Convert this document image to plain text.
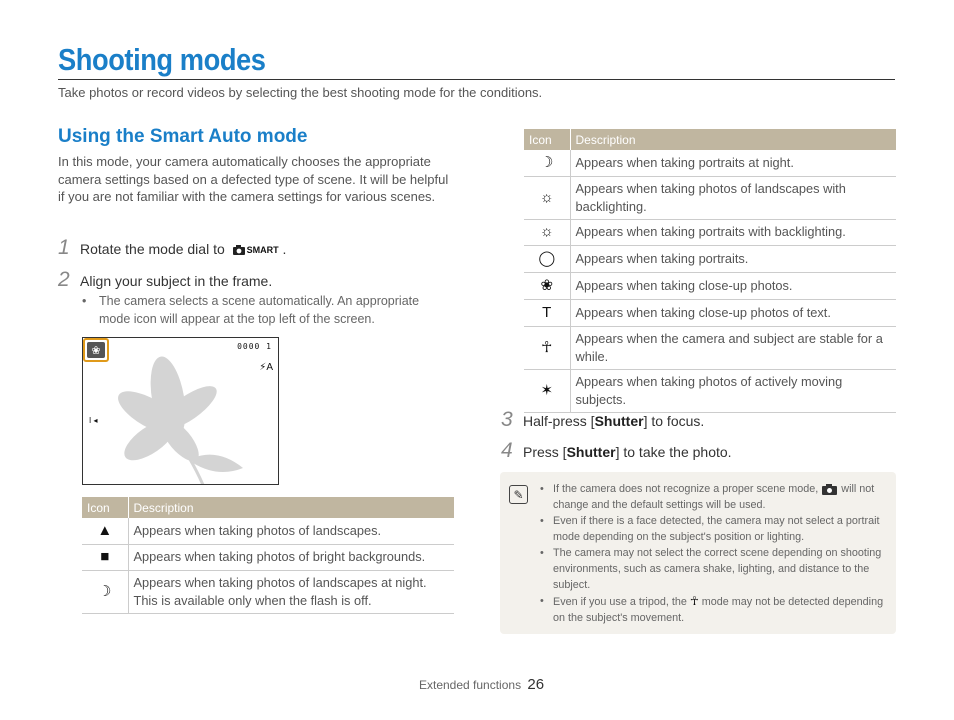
Shooting modes

Take photos or record videos by selecting the best shooting mode for the conditions.

Using the Smart Auto mode

In this mode, your camera automatically chooses the appropriate camera settings based on a defected type of scene. It will be helpful if you are not familiar with the camera settings for various scenes.

1 Rotate the mode dial to SMART .
2 Align your subject in the frame.
•	The camera selects a scene automatically. An appropriate mode icon will appear at the top left of the screen.
❀	0000 1
⚡A
I ◂
Icon	Description
▲	Appears when taking photos of landscapes.
■	Appears when taking photos of bright backgrounds.
☽	Appears when taking photos of landscapes at night. This is available only when the flash is off.
Icon	Description
☽	Appears when taking portraits at night.
☼	Appears when taking photos of landscapes with backlighting.
☼	Appears when taking portraits with backlighting.
◯	Appears when taking portraits.
❀	Appears when taking close-up photos.
T	Appears when taking close-up photos of text.
☥	Appears when the camera and subject are stable for a while.
✶	Appears when taking photos of actively moving subjects.
3 Half-press [Shutter] to focus.
4 Press [Shutter] to take the photo.
✎	• If the camera does not recognize a proper scene mode, will not change and the default settings will be used.
• Even if there is a face detected, the camera may not select a portrait mode depending on the subject's position or lighting.
• The camera may not select the correct scene depending on shooting environments, such as camera shake, lighting, and distance to the subject.
• Even if you use a tripod, the ☥ mode may not be detected depending on the subject's movement.
Extended functions 26
